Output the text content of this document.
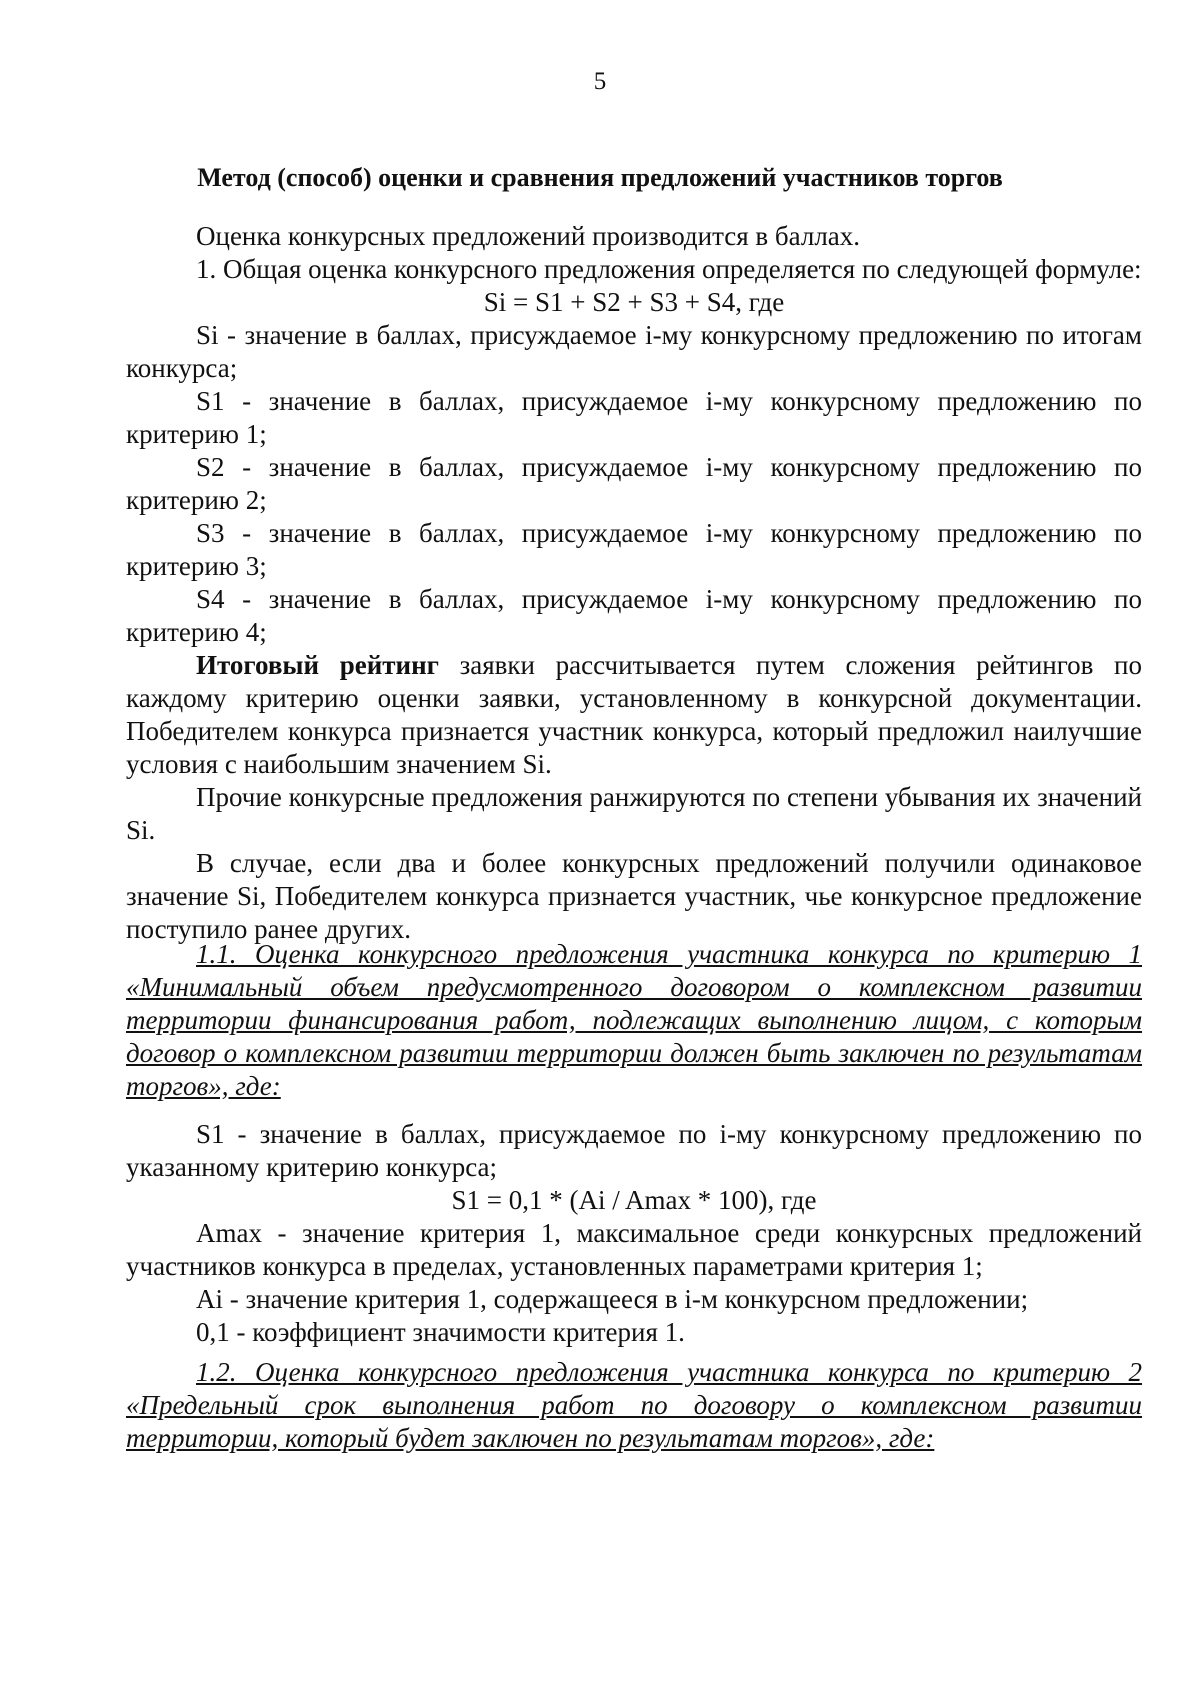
5
Метод (способ) оценки и сравнения предложений участников торгов

Оценка конкурсных предложений производится в баллах.

1. Общая оценка конкурсного предложения определяется по следующей формуле:

Si = S1 + S2 + S3 + S4, где

Si - значение в баллах, присуждаемое i-му конкурсному предложению по итогам конкурса;

S1 - значение в баллах, присуждаемое i-му конкурсному предложению по критерию 1;

S2 - значение в баллах, присуждаемое i-му конкурсному предложению по критерию 2;

S3 - значение в баллах, присуждаемое i-му конкурсному предложению по критерию 3;

S4 - значение в баллах, присуждаемое i-му конкурсному предложению по критерию 4;

Итоговый рейтинг заявки рассчитывается путем сложения рейтингов по каждому критерию оценки заявки, установленному в конкурсной документации. Победителем конкурса признается участник конкурса, который предложил наилучшие условия с наибольшим значением Si.

Прочие конкурсные предложения ранжируются по степени убывания их значений Si.

В случае, если два и более конкурсных предложений получили одинаковое значение Si, Победителем конкурса признается участник, чье конкурсное предложение поступило ранее других.

1.1. Оценка конкурсного предложения участника конкурса по критерию 1 «Минимальный объем предусмотренного договором о комплексном развитии территории финансирования работ, подлежащих выполнению лицом, с которым договор о комплексном развитии территории должен быть заключен по результатам торгов», где:

S1 - значение в баллах, присуждаемое по i-му конкурсному предложению по указанному критерию конкурса;

S1 = 0,1 * (Ai / Amax * 100), где

Amax - значение критерия 1, максимальное среди конкурсных предложений участников конкурса в пределах, установленных параметрами критерия 1;

Ai - значение критерия 1, содержащееся в i-м конкурсном предложении;

0,1 - коэффициент значимости критерия 1.

1.2. Оценка конкурсного предложения участника конкурса по критерию 2 «Предельный срок выполнения работ по договору о комплексном развитии территории, который будет заключен по результатам торгов», где:
